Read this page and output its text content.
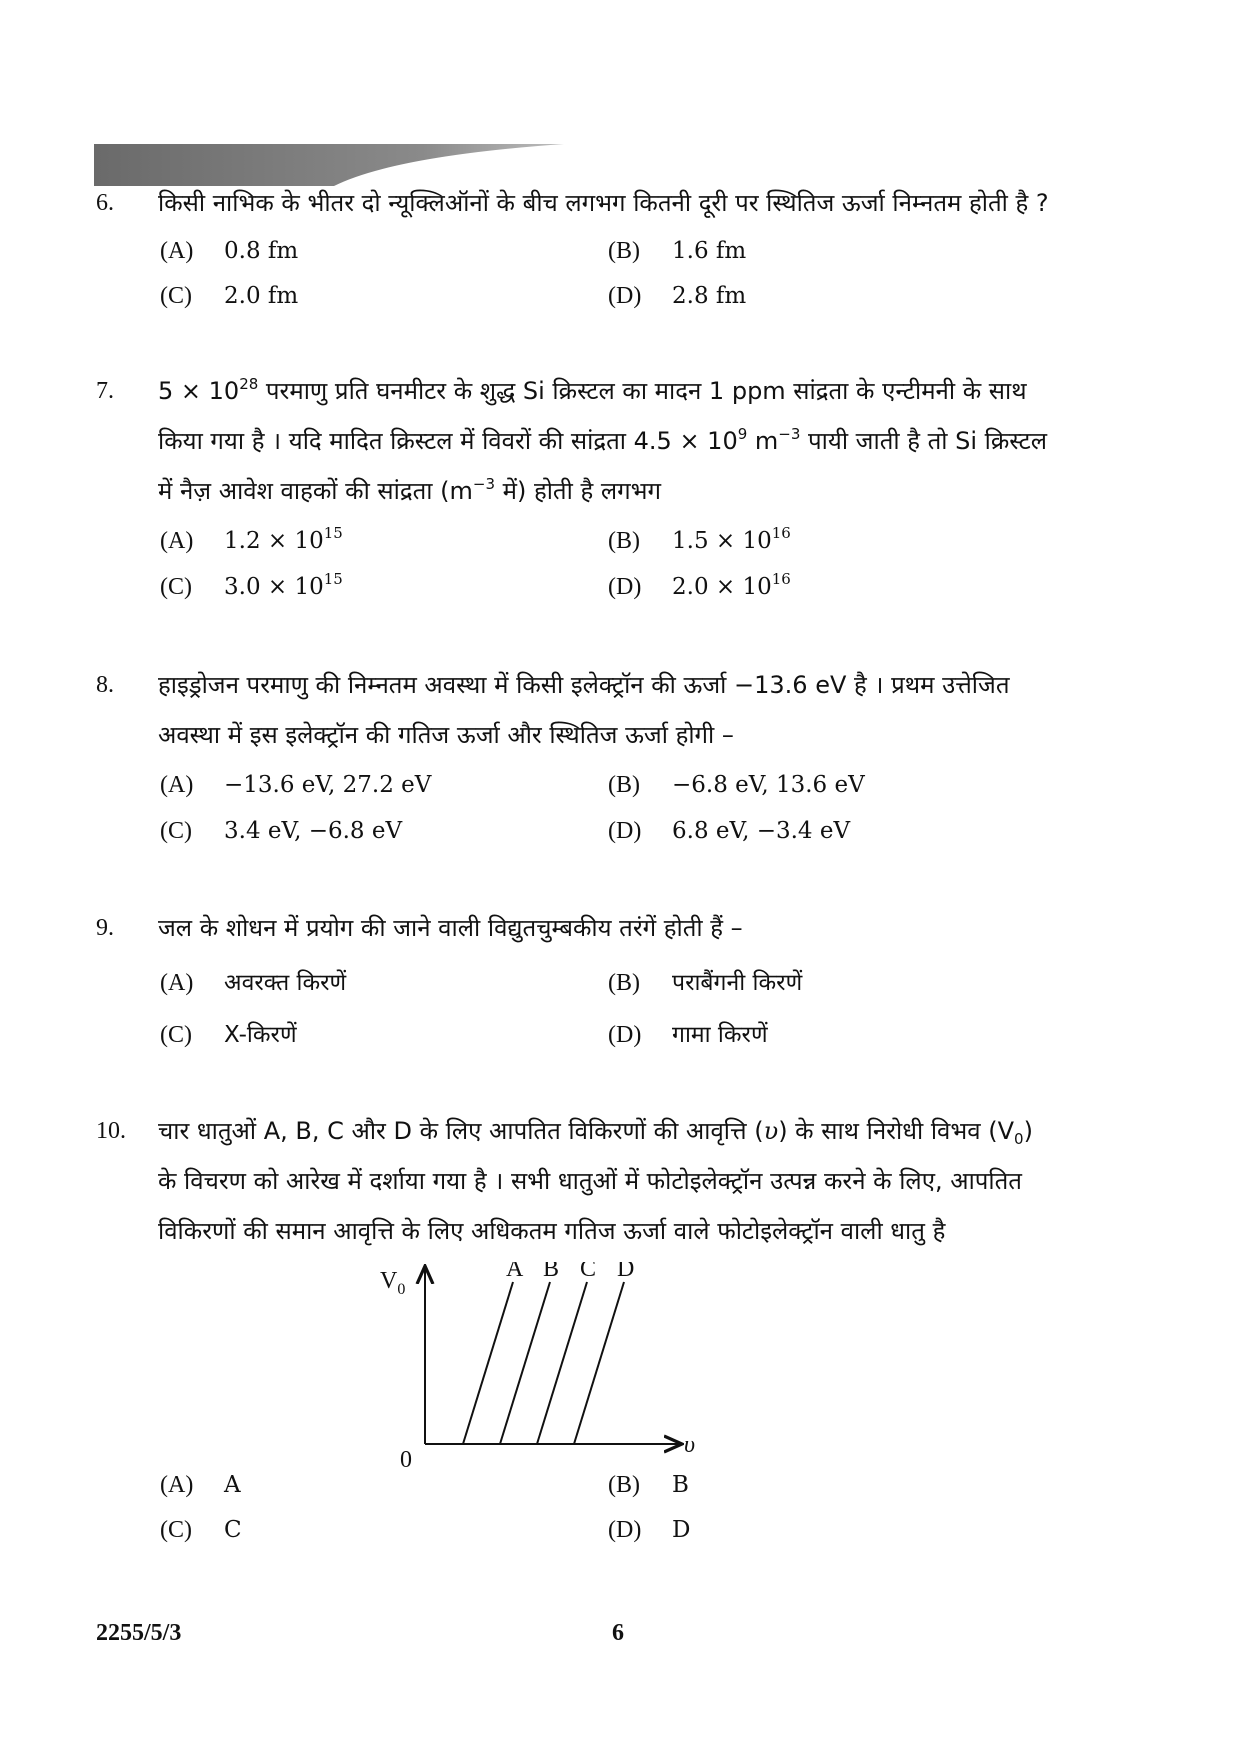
6. किसी नाभिक के भीतर दो न्यूक्लिऑनों के बीच लगभग कितनी दूरी पर स्थितिज ऊर्जा निम्नतम होती है ?
(A) 0.8 fm	(B) 1.6 fm
(C) 2.0 fm	(D) 2.8 fm
7. $5 \times 10^{28}$ परमाणु प्रति घनमीटर के शुद्ध Si क्रिस्टल का मादन 1 ppm सांद्रता के एन्टीमनी के साथ
किया गया है । यदि मादित क्रिस्टल में विवरों की सांद्रता $4.5 \times 10^9$ $m^{-3}$ पायी जाती है तो Si क्रिस्टल
में नैज़ आवेश वाहकों की सांद्रता ($m^{-3}$ में) होती है लगभग
(A) $1.2 \times 10^{15}$	(B) $1.5 \times 10^{16}$
(C) $3.0 \times 10^{15}$	(D) $2.0 \times 10^{16}$
8. हाइड्रोजन परमाणु की निम्नतम अवस्था में किसी इलेक्ट्रॉन की ऊर्जा −13.6 eV है । प्रथम उत्तेजित
अवस्था में इस इलेक्ट्रॉन की गतिज ऊर्जा और स्थितिज ऊर्जा होगी –
(A) −13.6 eV, 27.2 eV	(B) −6.8 eV, 13.6 eV
(C) 3.4 eV, −6.8 eV	(D) 6.8 eV, −3.4 eV
9. जल के शोधन में प्रयोग की जाने वाली विद्युतचुम्बकीय तरंगें होती हैं –
(A) अवरक्त किरणें	(B) पराबैंगनी किरणें
(C) X-किरणें	(D) गामा किरणें
10. चार धातुओं A, B, C और D के लिए आपतित विकिरणों की आवृत्ति (υ) के साथ निरोधी विभव $(V_0)$
के विचरण को आरेख में दर्शाया गया है । सभी धातुओं में फोटोइलेक्ट्रॉन उत्पन्न करने के लिए, आपतित
विकिरणों की समान आवृत्ति के लिए अधिकतम गतिज ऊर्जा वाले फोटोइलेक्ट्रॉन वाली धातु है
$V_0$
0
υ
A B C D
(A) A	(B) B
(C) C	(D) D
2255/5/3	6
